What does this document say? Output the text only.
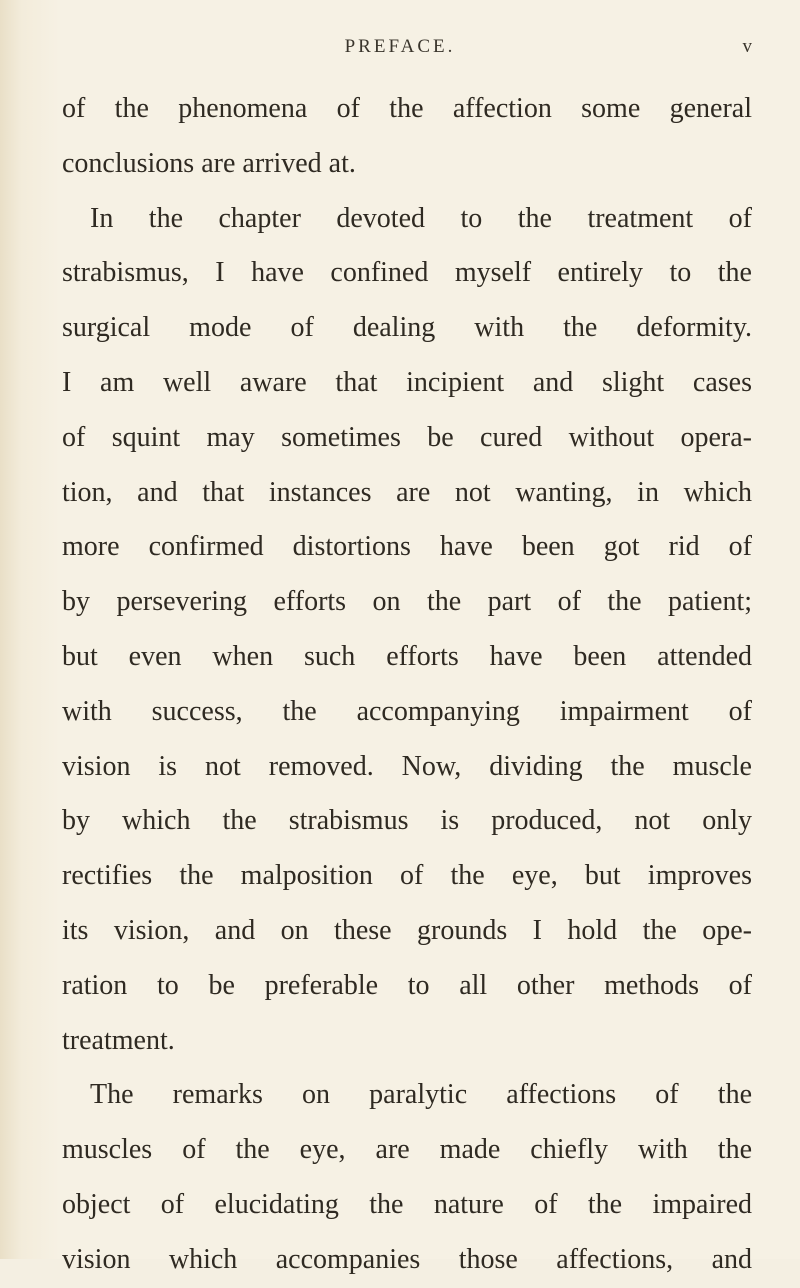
PREFACE.	v
of the phenomena of the affection some general
conclusions are arrived at.
In the chapter devoted to the treatment of
strabismus, I have confined myself entirely to the
surgical mode of dealing with the deformity.
I am well aware that incipient and slight cases
of squint may sometimes be cured without opera-
tion, and that instances are not wanting, in which
more confirmed distortions have been got rid of
by persevering efforts on the part of the patient;
but even when such efforts have been attended
with success, the accompanying impairment of
vision is not removed. Now, dividing the muscle
by which the strabismus is produced, not only
rectifies the malposition of the eye, but improves
its vision, and on these grounds I hold the ope-
ration to be preferable to all other methods of
treatment.
The remarks on paralytic affections of the
muscles of the eye, are made chiefly with the
object of elucidating the nature of the impaired
vision which accompanies those affections, and
